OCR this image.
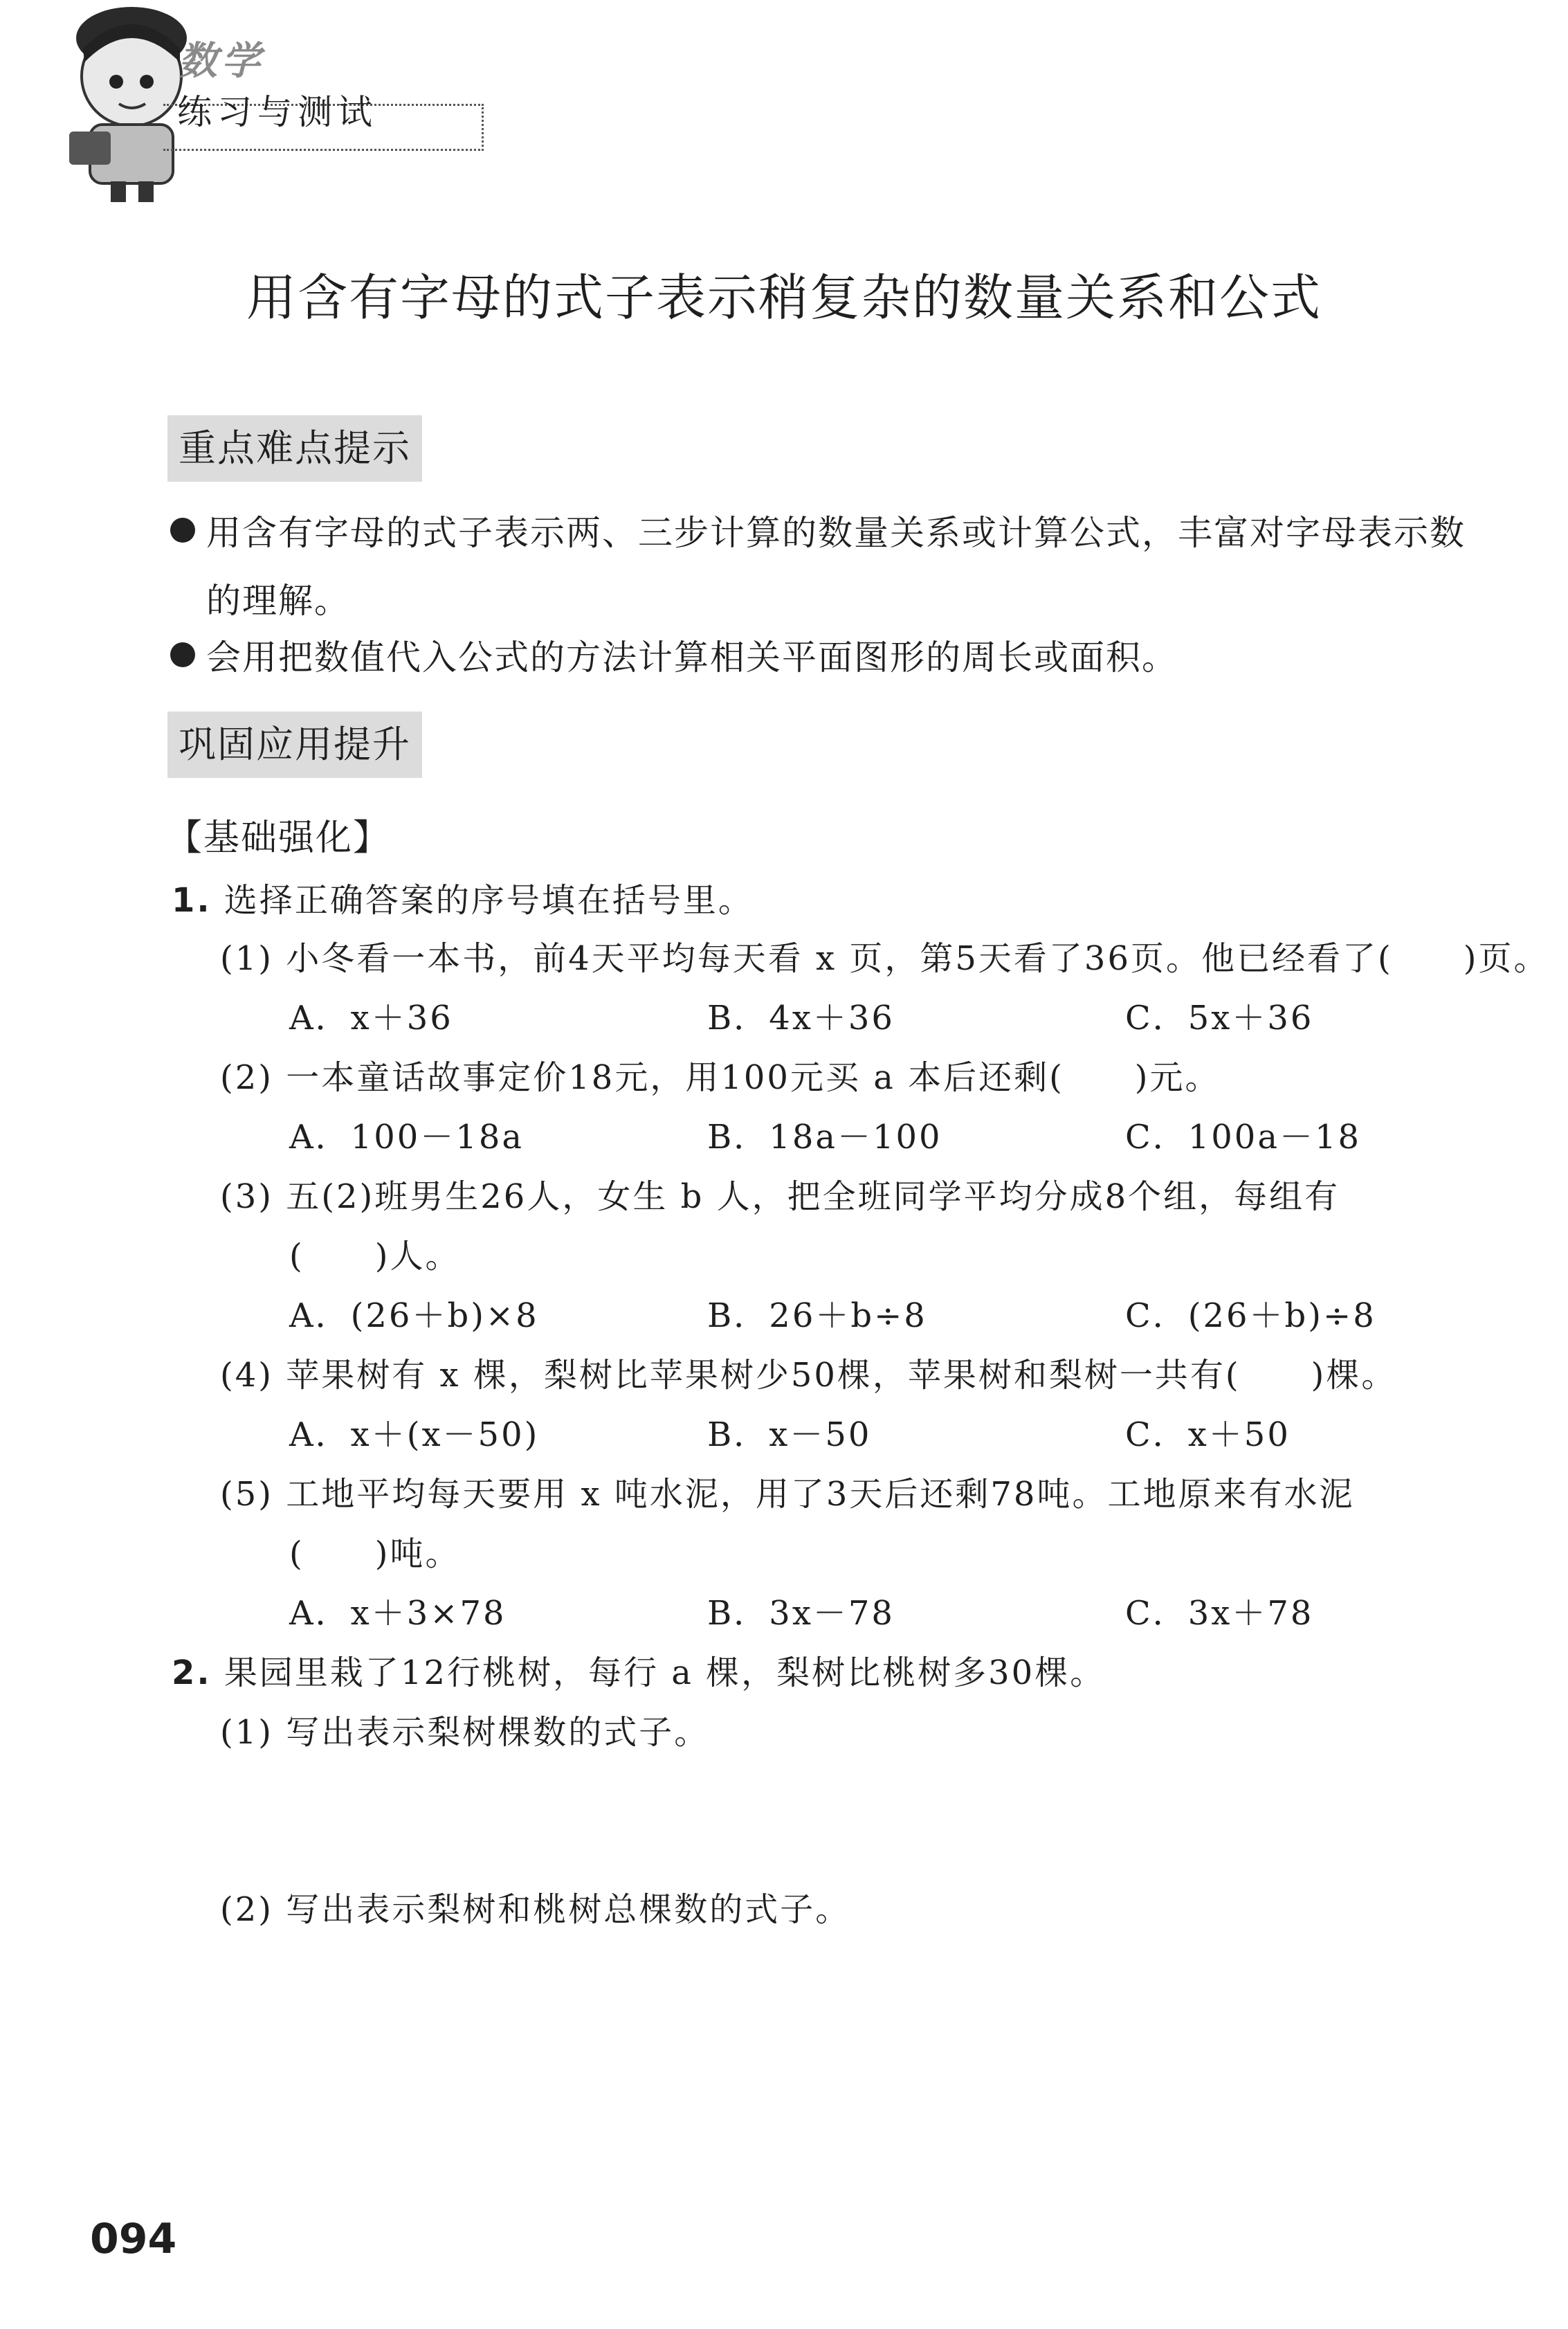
数学
练习与测试
用含有字母的式子表示稍复杂的数量关系和公式
重点难点提示
用含有字母的式子表示两、三步计算的数量关系或计算公式，丰富对字母表示数
的理解。
会用把数值代入公式的方法计算相关平面图形的周长或面积。
巩固应用提升
【基础强化】
1. 选择正确答案的序号填在括号里。
(1) 小冬看一本书，前4天平均每天看 x 页，第5天看了36页。他已经看了(　　)页。
A．x＋36	B．4x＋36	C．5x＋36
(2) 一本童话故事定价18元，用100元买 a 本后还剩(　　)元。
A．100－18a	B．18a－100	C．100a－18
(3) 五(2)班男生26人，女生 b 人，把全班同学平均分成8个组，每组有
(　　)人。
A．(26＋b)×8	B．26＋b÷8	C．(26＋b)÷8
(4) 苹果树有 x 棵，梨树比苹果树少50棵，苹果树和梨树一共有(　　)棵。
A．x＋(x－50)	B．x－50	C．x＋50
(5) 工地平均每天要用 x 吨水泥，用了3天后还剩78吨。工地原来有水泥
(　　)吨。
A．x＋3×78	B．3x－78	C．3x＋78
2. 果园里栽了12行桃树，每行 a 棵，梨树比桃树多30棵。
(1) 写出表示梨树棵数的式子。
(2) 写出表示梨树和桃树总棵数的式子。
094
